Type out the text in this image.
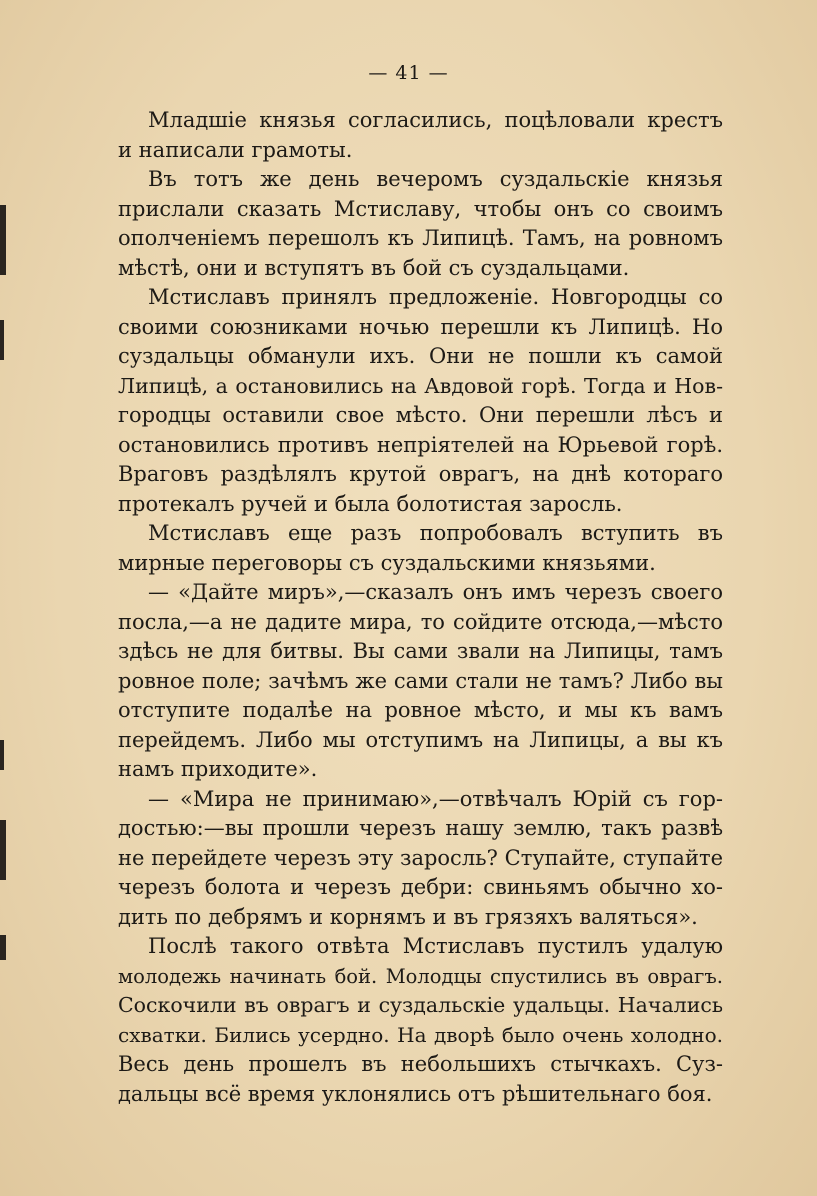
— 41 —
Младшіе князья согласились, поцѣловали крестъ
и написали грамоты.
Въ тотъ же день вечеромъ суздальскіе князья
прислали сказать Мстиславу, чтобы онъ со своимъ
ополченіемъ перешолъ къ Липицѣ. Тамъ, на ровномъ
мѣстѣ, они и вступятъ въ бой съ суздальцами.
Мстиславъ принялъ предложеніе. Новгородцы со
своими союзниками ночью перешли къ Липицѣ. Но
суздальцы обманули ихъ. Они не пошли къ самой
Липицѣ, а остановились на Авдовой горѣ. Тогда и Нов-
городцы оставили свое мѣсто. Они перешли лѣсъ и
остановились противъ непріятелей на Юрьевой горѣ.
Враговъ раздѣлялъ крутой оврагъ, на днѣ котораго
протекалъ ручей и была болотистая заросль.
Мстиславъ еще разъ попробовалъ вступить въ
мирные переговоры съ суздальскими князьями.
— «Дайте миръ»,—сказалъ онъ имъ черезъ своего
посла,—а не дадите мира, то сойдите отсюда,—мѣсто
здѣсь не для битвы. Вы сами звали на Липицы, тамъ
ровное поле; зачѣмъ же сами стали не тамъ? Либо вы
отступите подалѣе на ровное мѣсто, и мы къ вамъ
перейдемъ. Либо мы отступимъ на Липицы, а вы къ
намъ приходите».
— «Мира не принимаю»,—отвѣчалъ Юрій съ гор-
достью:—вы прошли черезъ нашу землю, такъ развѣ
не перейдете черезъ эту заросль? Ступайте, ступайте
черезъ болота и черезъ дебри: свиньямъ обычно хо-
дить по дебрямъ и корнямъ и въ грязяхъ валяться».
Послѣ такого отвѣта Мстиславъ пустилъ удалую
молодежь начинать бой. Молодцы спустились въ оврагъ.
Соскочили въ оврагъ и суздальскіе удальцы. Начались
схватки. Бились усердно. На дворѣ было очень холодно.
Весь день прошелъ въ небольшихъ стычкахъ. Суз-
дальцы всё время уклонялись отъ рѣшительнаго боя.
